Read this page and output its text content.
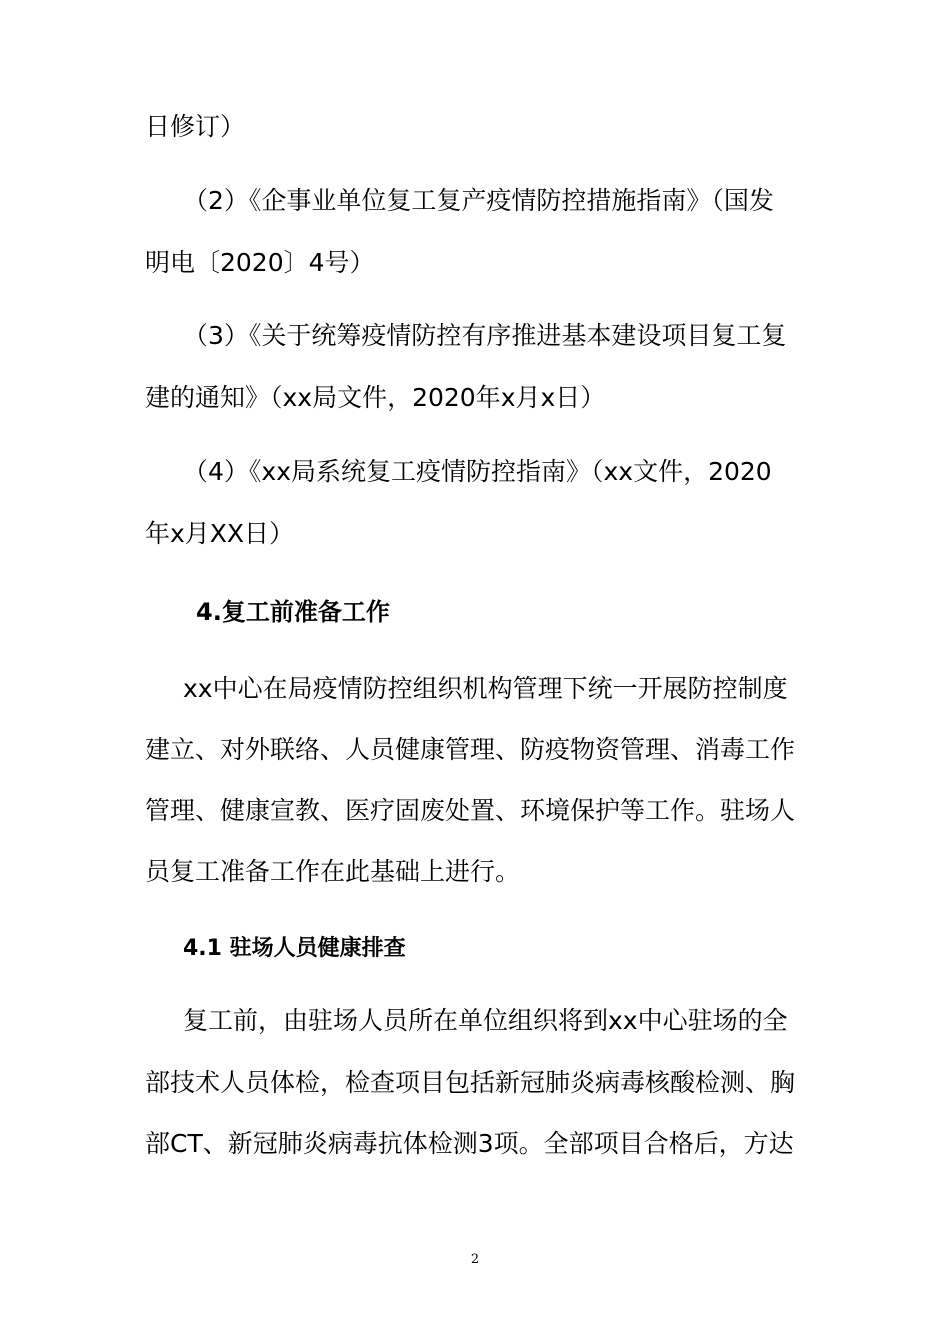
日修订）
（2）《企事业单位复工复产疫情防控措施指南》（国发
明电〔2020〕4号）
（3）《关于统筹疫情防控有序推进基本建设项目复工复
建的通知》（xx局文件，2020年x月x日）
（4）《xx局系统复工疫情防控指南》（xx文件，2020
年x月XX日）
4.复工前准备工作
xx中心在局疫情防控组织机构管理下统一开展防控制度
建立、对外联络、人员健康管理、防疫物资管理、消毒工作
管理、健康宣教、医疗固废处置、环境保护等工作。驻场人
员复工准备工作在此基础上进行。
4.1 驻场人员健康排查
复工前，由驻场人员所在单位组织将到xx中心驻场的全
部技术人员体检，检查项目包括新冠肺炎病毒核酸检测、胸
部CT、新冠肺炎病毒抗体检测3项。全部项目合格后，方达
2
